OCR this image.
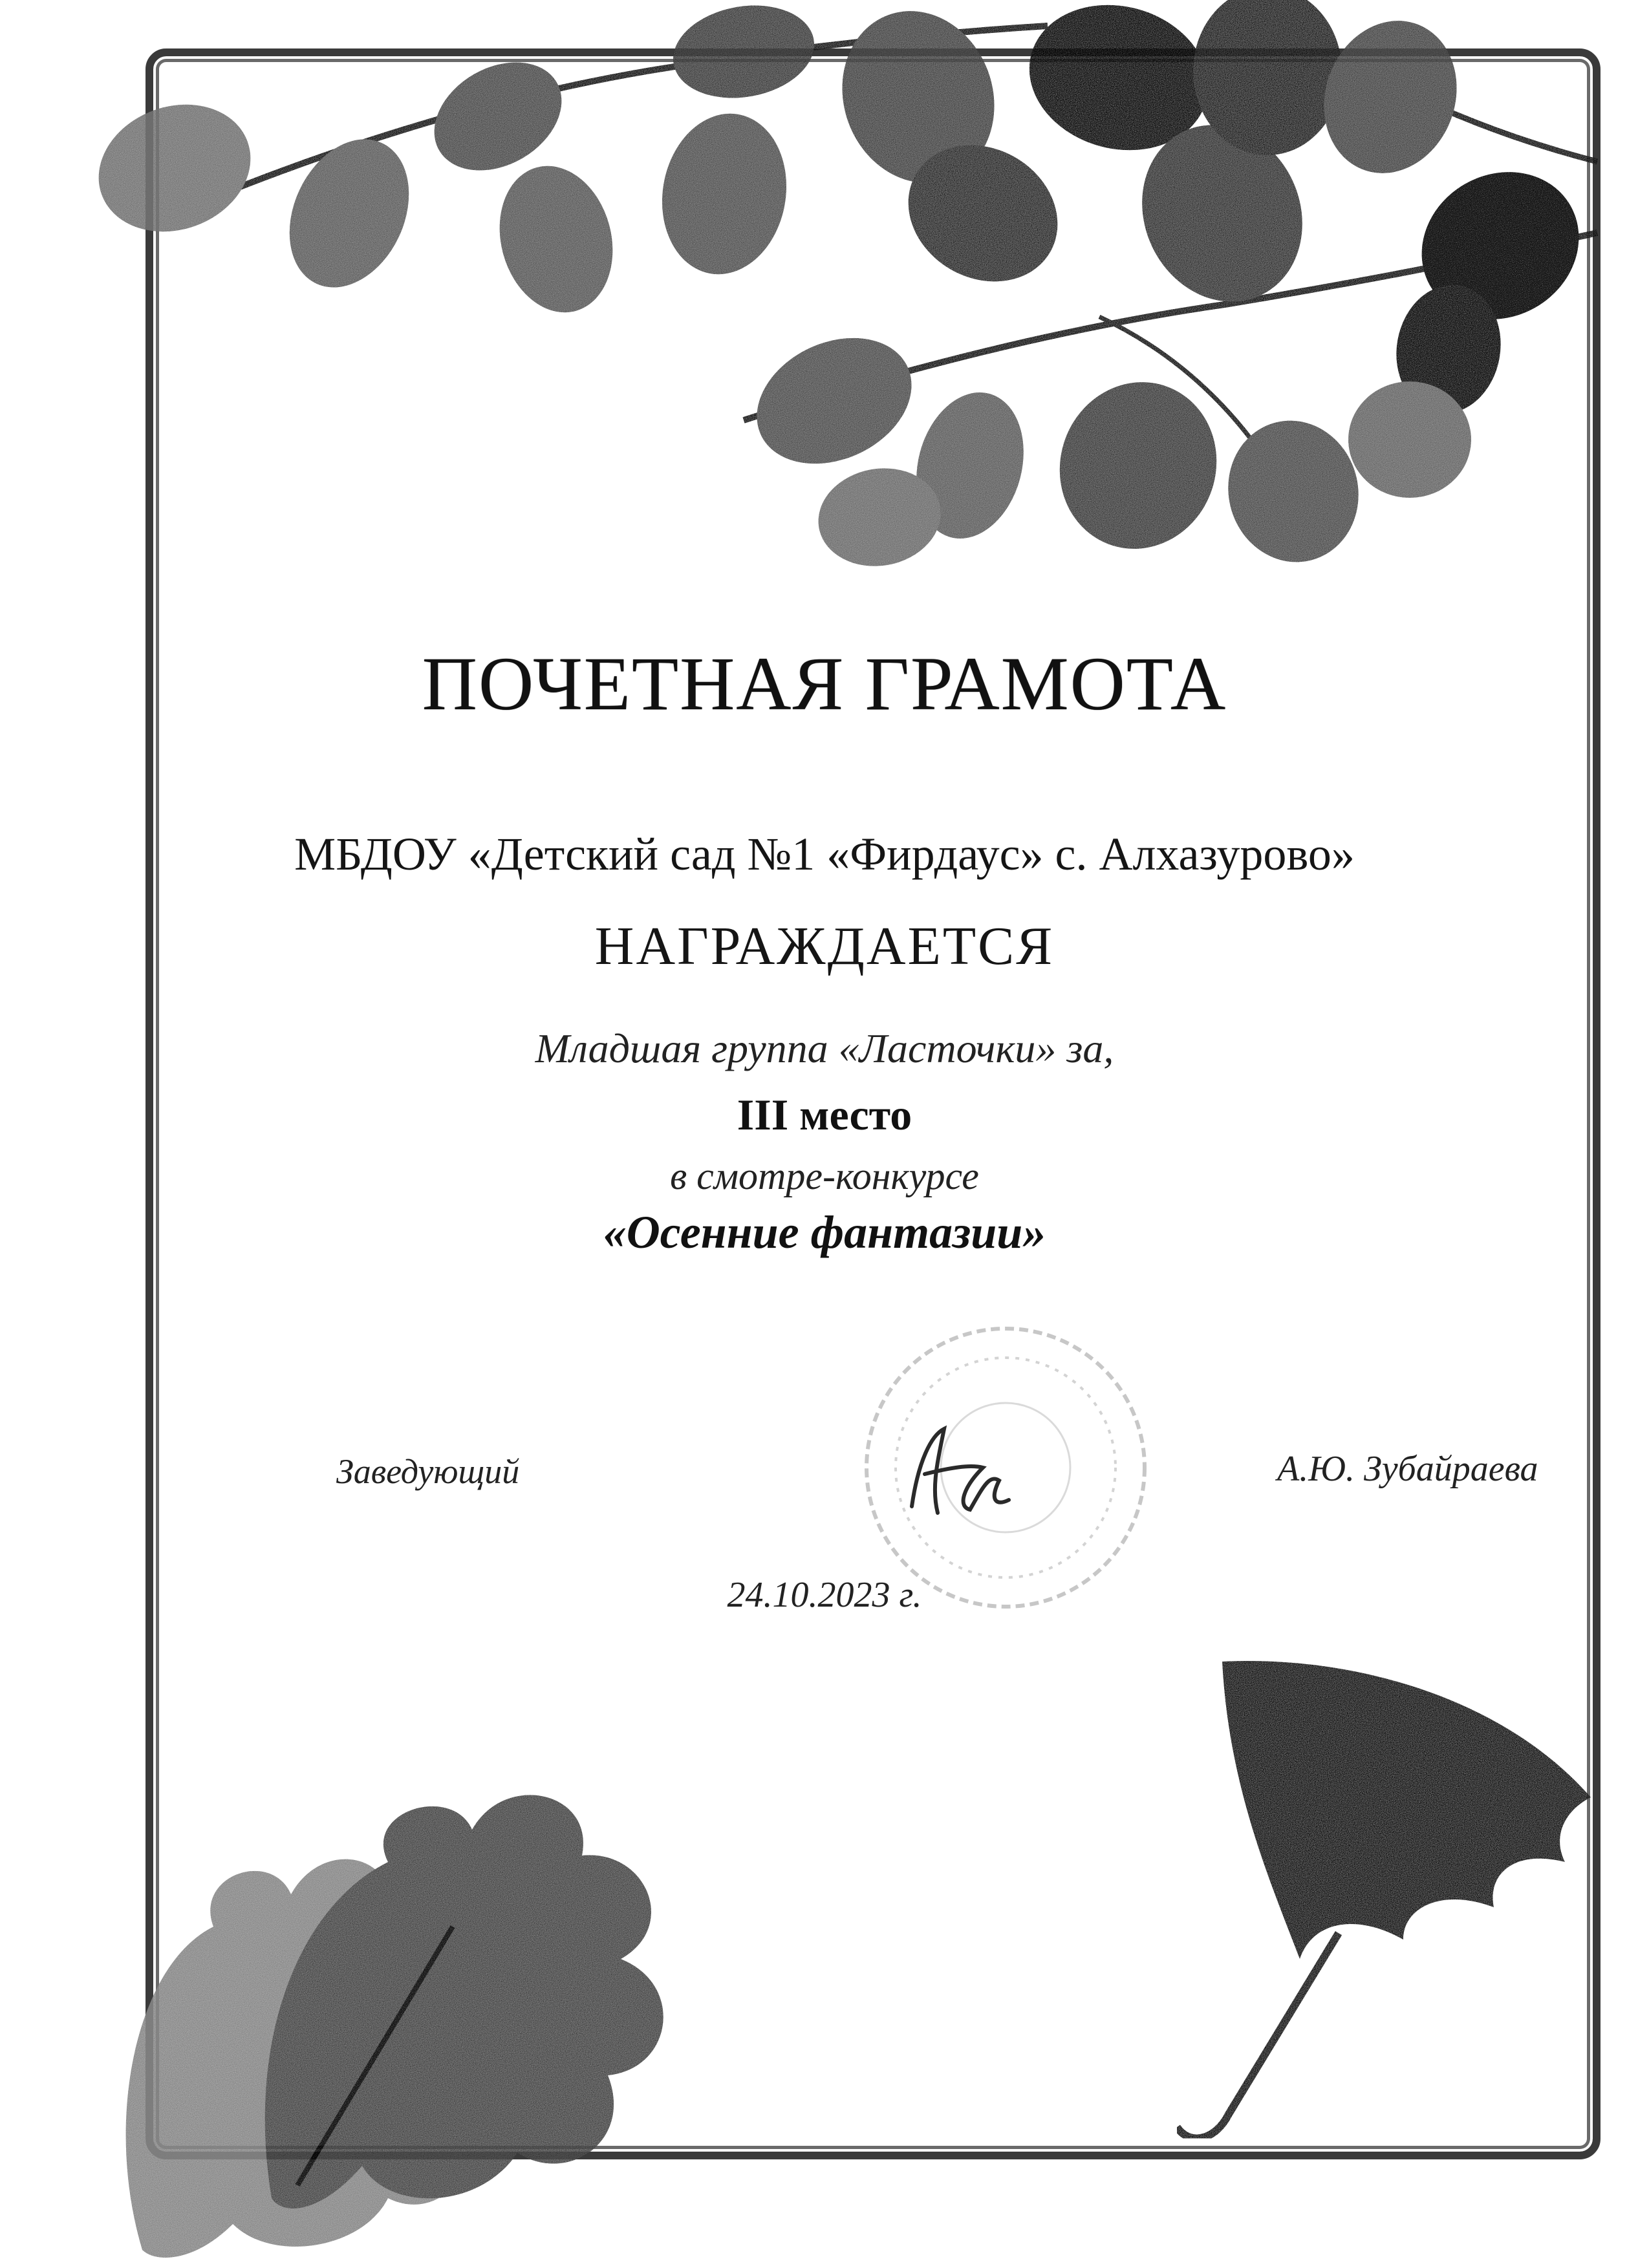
ПОЧЕТНАЯ ГРАМОТА
МБДОУ «Детский сад №1 «Фирдаус» с. Алхазурово»
НАГРАЖДАЕТСЯ
Младшая группа «Ласточки» за,
III место
в смотре-конкурсе
«Осенние фантазии»
Заведующий	А.Ю. Зубайраева
24.10.2023 г.
